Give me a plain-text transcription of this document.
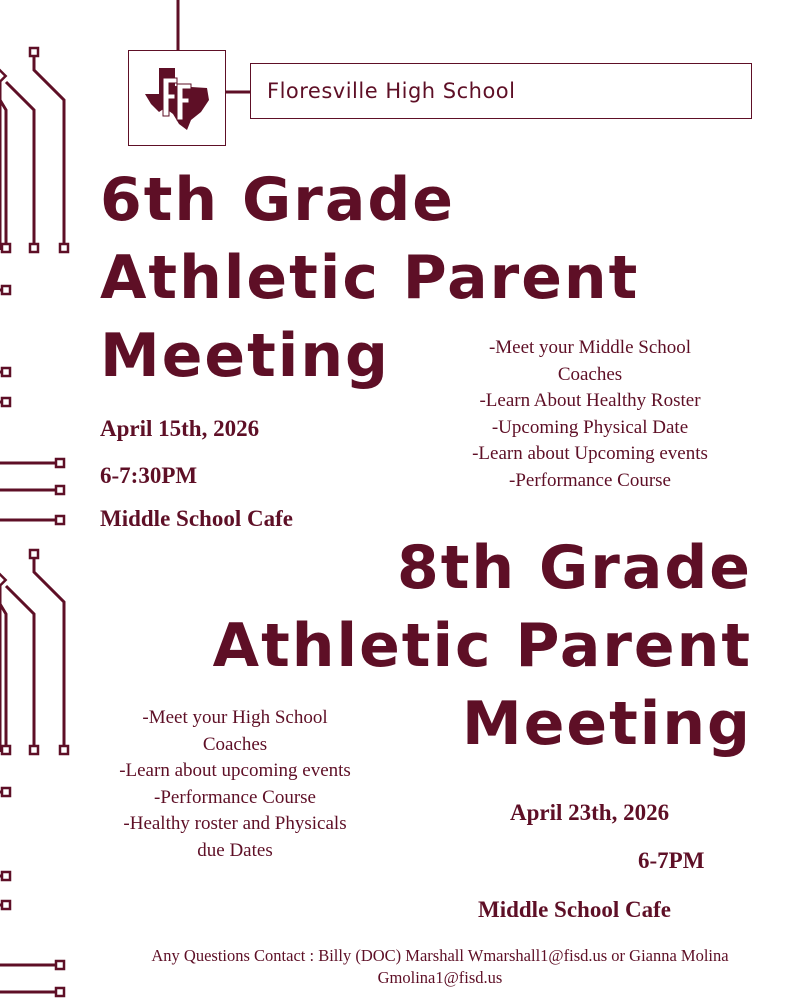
Floresville High School
6th Grade
Athletic Parent
Meeting
April 15th, 2026
6-7:30PM
Middle School Cafe
-Meet your Middle School
Coaches
-Learn About Healthy Roster
-Upcoming Physical Date
-Learn about Upcoming events
-Performance Course
8th Grade
Athletic Parent
Meeting
-Meet your High School
Coaches
-Learn about upcoming events
-Performance Course
-Healthy roster and Physicals
due Dates
April 23th, 2026
6-7PM
Middle School Cafe
Any Questions Contact : Billy (DOC) Marshall Wmarshall1@fisd.us or Gianna Molina
Gmolina1@fisd.us
